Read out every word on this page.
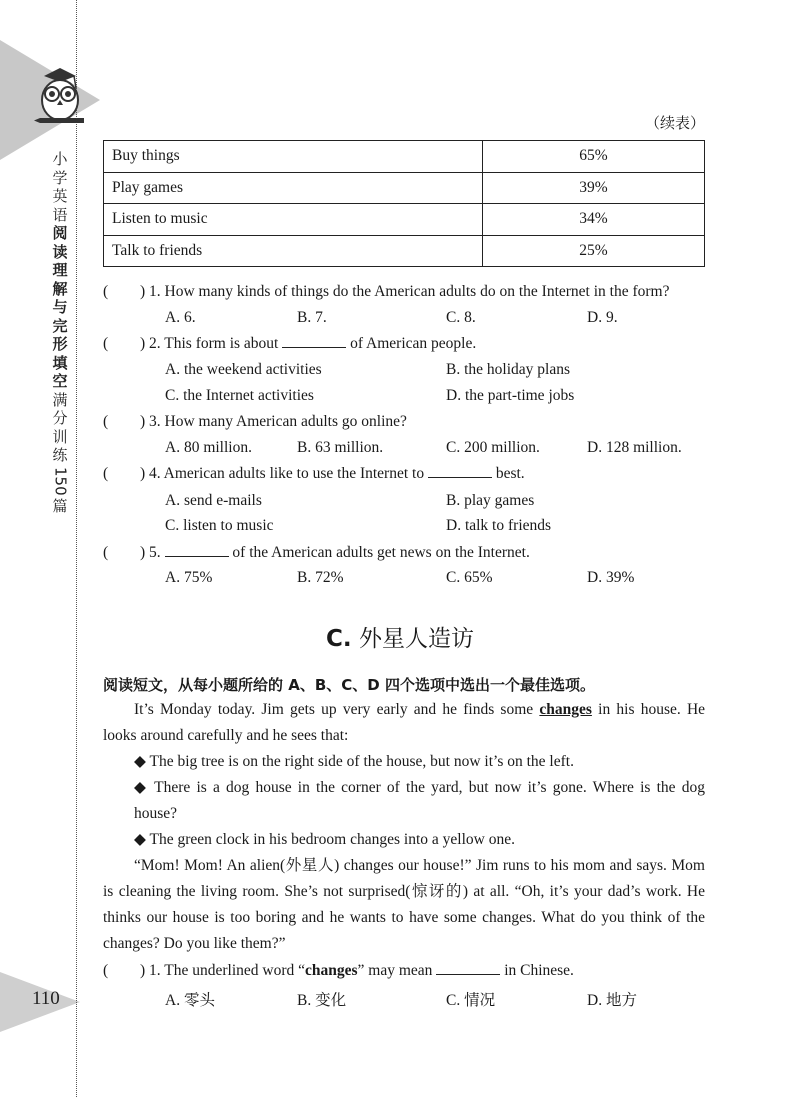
小学英语阅读理解与完形填空满分训练
150
篇
110
（续表）
Buy things	65%
Play games	39%
Listen to music	34%
Talk to friends	25%
( ) 1. How many kinds of things do the American adults do on the Internet in the form?
A. 6.	B. 7.	C. 8.	D. 9.
( ) 2. This form is about	of American people.
A. the weekend activities	B. the holiday plans
C. the Internet activities	D. the part-time jobs
( ) 3. How many American adults go online?
A. 80 million.	B. 63 million.	C. 200 million.	D. 128 million.
( ) 4. American adults like to use the Internet to	best.
A. send e-mails	B. play games
C. listen to music	D. talk to friends
( ) 5.	of the American adults get news on the Internet.
A. 75%	B. 72%	C. 65%	D. 39%
C. 外星人造访
阅读短文，从每小题所给的 A、B、C、D 四个选项中选出一个最佳选项。

It’s Monday today. Jim gets up very early and he finds some changes in his house. He looks around carefully and he sees that:

◆ The big tree is on the right side of the house, but now it’s on the left.

◆ There is a dog house in the corner of the yard, but now it’s gone. Where is the dog house?

◆ The green clock in his bedroom changes into a yellow one.

“Mom! Mom! An alien(外星人) changes our house!” Jim runs to his mom and says. Mom is cleaning the living room. She’s not surprised(惊讶的) at all. “Oh, it’s your dad’s work. He thinks our house is too boring and he wants to have some changes. What do you think of the changes? Do you like them?”

( ) 1. The underlined word “changes” may mean	in Chinese.
A. 零头	B. 变化	C. 情况	D. 地方
